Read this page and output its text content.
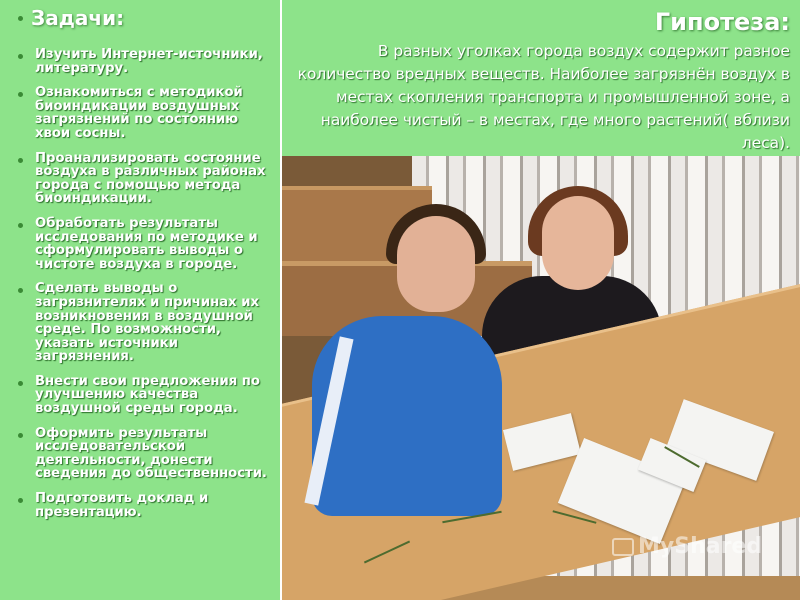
Задачи:
Изучить Интернет-источники, литературу.
Ознакомиться с методикой биоиндикации воздушных загрязнений по состоянию хвои сосны.
Проанализировать состояние воздуха в различных районах города с помощью метода биоиндикации.
Обработать результаты исследования по методике и сформулировать выводы о чистоте воздуха в городе.
Сделать выводы о загрязнителях и причинах их возникновения в воздушной среде. По возможности, указать источники загрязнения.
Внести свои предложения по улучшению качества воздушной среды города.
Оформить результаты исследовательской деятельности, донести сведения до общественности.
Подготовить доклад и презентацию.
Гипотеза:
В разных уголках города воздух содержит разное количество вредных веществ. Наиболее загрязнён воздух в местах скопления транспорта и промышленной зоне, а наиболее чистый – в местах, где много растений( вблизи леса).
MyShared
